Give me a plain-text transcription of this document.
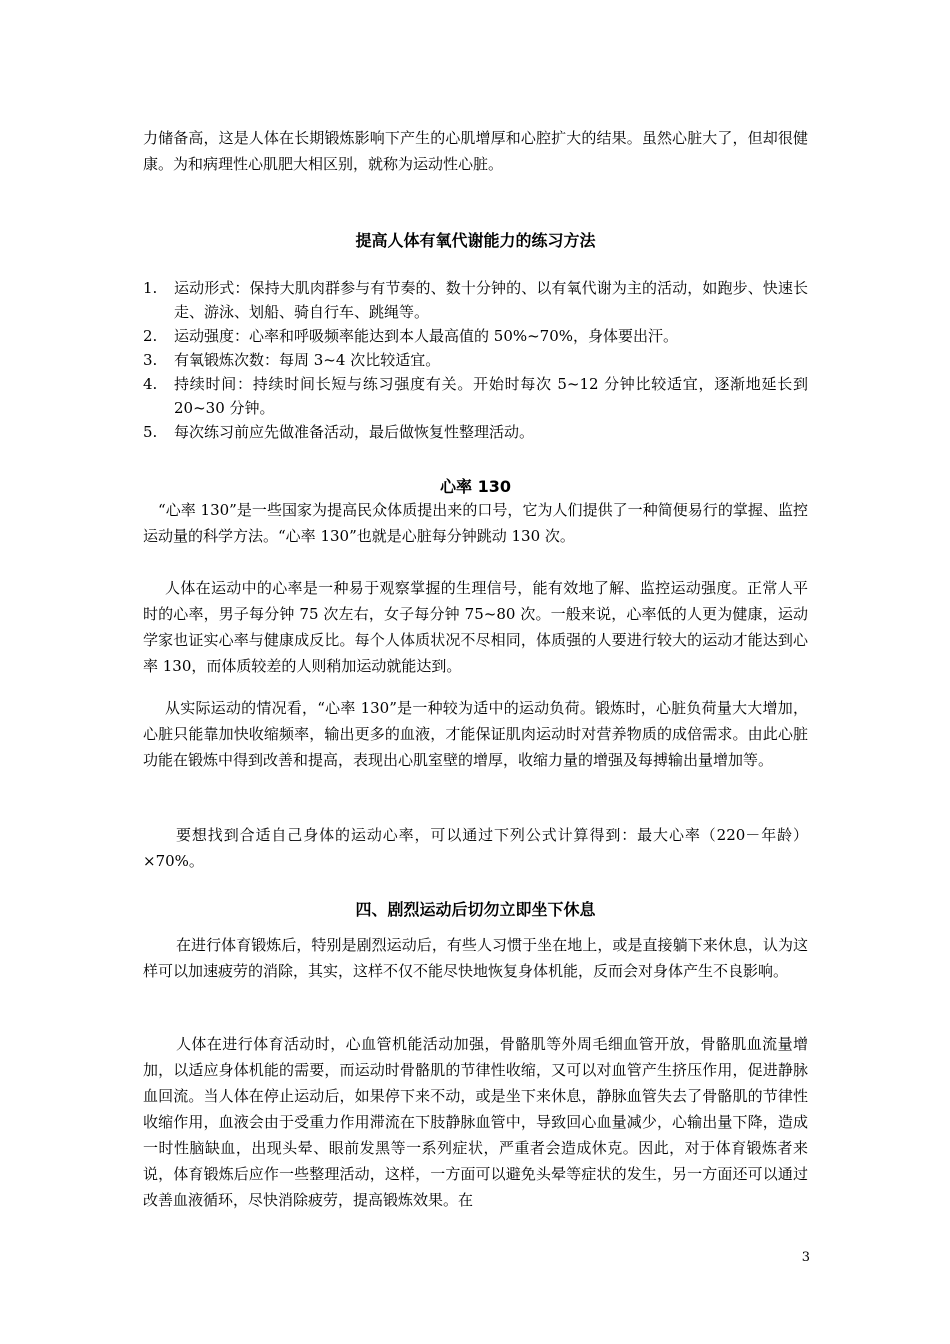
力储备高，这是人体在长期锻炼影响下产生的心肌增厚和心腔扩大的结果。虽然心脏大了，但却很健康。为和病理性心肌肥大相区别，就称为运动性心脏。

提高人体有氧代谢能力的练习方法
1. 运动形式：保持大肌肉群参与有节奏的、数十分钟的、以有氧代谢为主的活动，如跑步、快速长走、游泳、划船、骑自行车、跳绳等。
2. 运动强度：心率和呼吸频率能达到本人最高值的 50%~70%，身体要出汗。
3. 有氧锻炼次数：每周 3~4 次比较适宜。
4. 持续时间：持续时间长短与练习强度有关。开始时每次 5~12 分钟比较适宜，逐渐地延长到 20~30 分钟。
5. 每次练习前应先做准备活动，最后做恢复性整理活动。
心率 130

“心率 130”是一些国家为提高民众体质提出来的口号，它为人们提供了一种简便易行的掌握、监控运动量的科学方法。“心率 130”也就是心脏每分钟跳动 130 次。

人体在运动中的心率是一种易于观察掌握的生理信号，能有效地了解、监控运动强度。正常人平时的心率，男子每分钟 75 次左右，女子每分钟 75~80 次。一般来说，心率低的人更为健康，运动学家也证实心率与健康成反比。每个人体质状况不尽相同，体质强的人要进行较大的运动才能达到心率 130，而体质较差的人则稍加运动就能达到。

从实际运动的情况看，“心率 130”是一种较为适中的运动负荷。锻炼时，心脏负荷量大大增加，心脏只能靠加快收缩频率，输出更多的血液，才能保证肌肉运动时对营养物质的成倍需求。由此心脏功能在锻炼中得到改善和提高，表现出心肌室壁的增厚，收缩力量的增强及每搏输出量增加等。

要想找到合适自己身体的运动心率，可以通过下列公式计算得到：最大心率（220－年龄）×70%。

四、剧烈运动后切勿立即坐下休息

在进行体育锻炼后，特别是剧烈运动后，有些人习惯于坐在地上，或是直接躺下来休息，认为这样可以加速疲劳的消除，其实，这样不仅不能尽快地恢复身体机能，反而会对身体产生不良影响。

人体在进行体育活动时，心血管机能活动加强，骨骼肌等外周毛细血管开放，骨骼肌血流量增加，以适应身体机能的需要，而运动时骨骼肌的节律性收缩，又可以对血管产生挤压作用，促进静脉血回流。当人体在停止运动后，如果停下来不动，或是坐下来休息，静脉血管失去了骨骼肌的节律性收缩作用，血液会由于受重力作用滞流在下肢静脉血管中，导致回心血量减少，心输出量下降，造成一时性脑缺血，出现头晕、眼前发黑等一系列症状，严重者会造成休克。因此，对于体育锻炼者来说，体育锻炼后应作一些整理活动，这样，一方面可以避免头晕等症状的发生，另一方面还可以通过改善血液循环，尽快消除疲劳，提高锻炼效果。在

3
